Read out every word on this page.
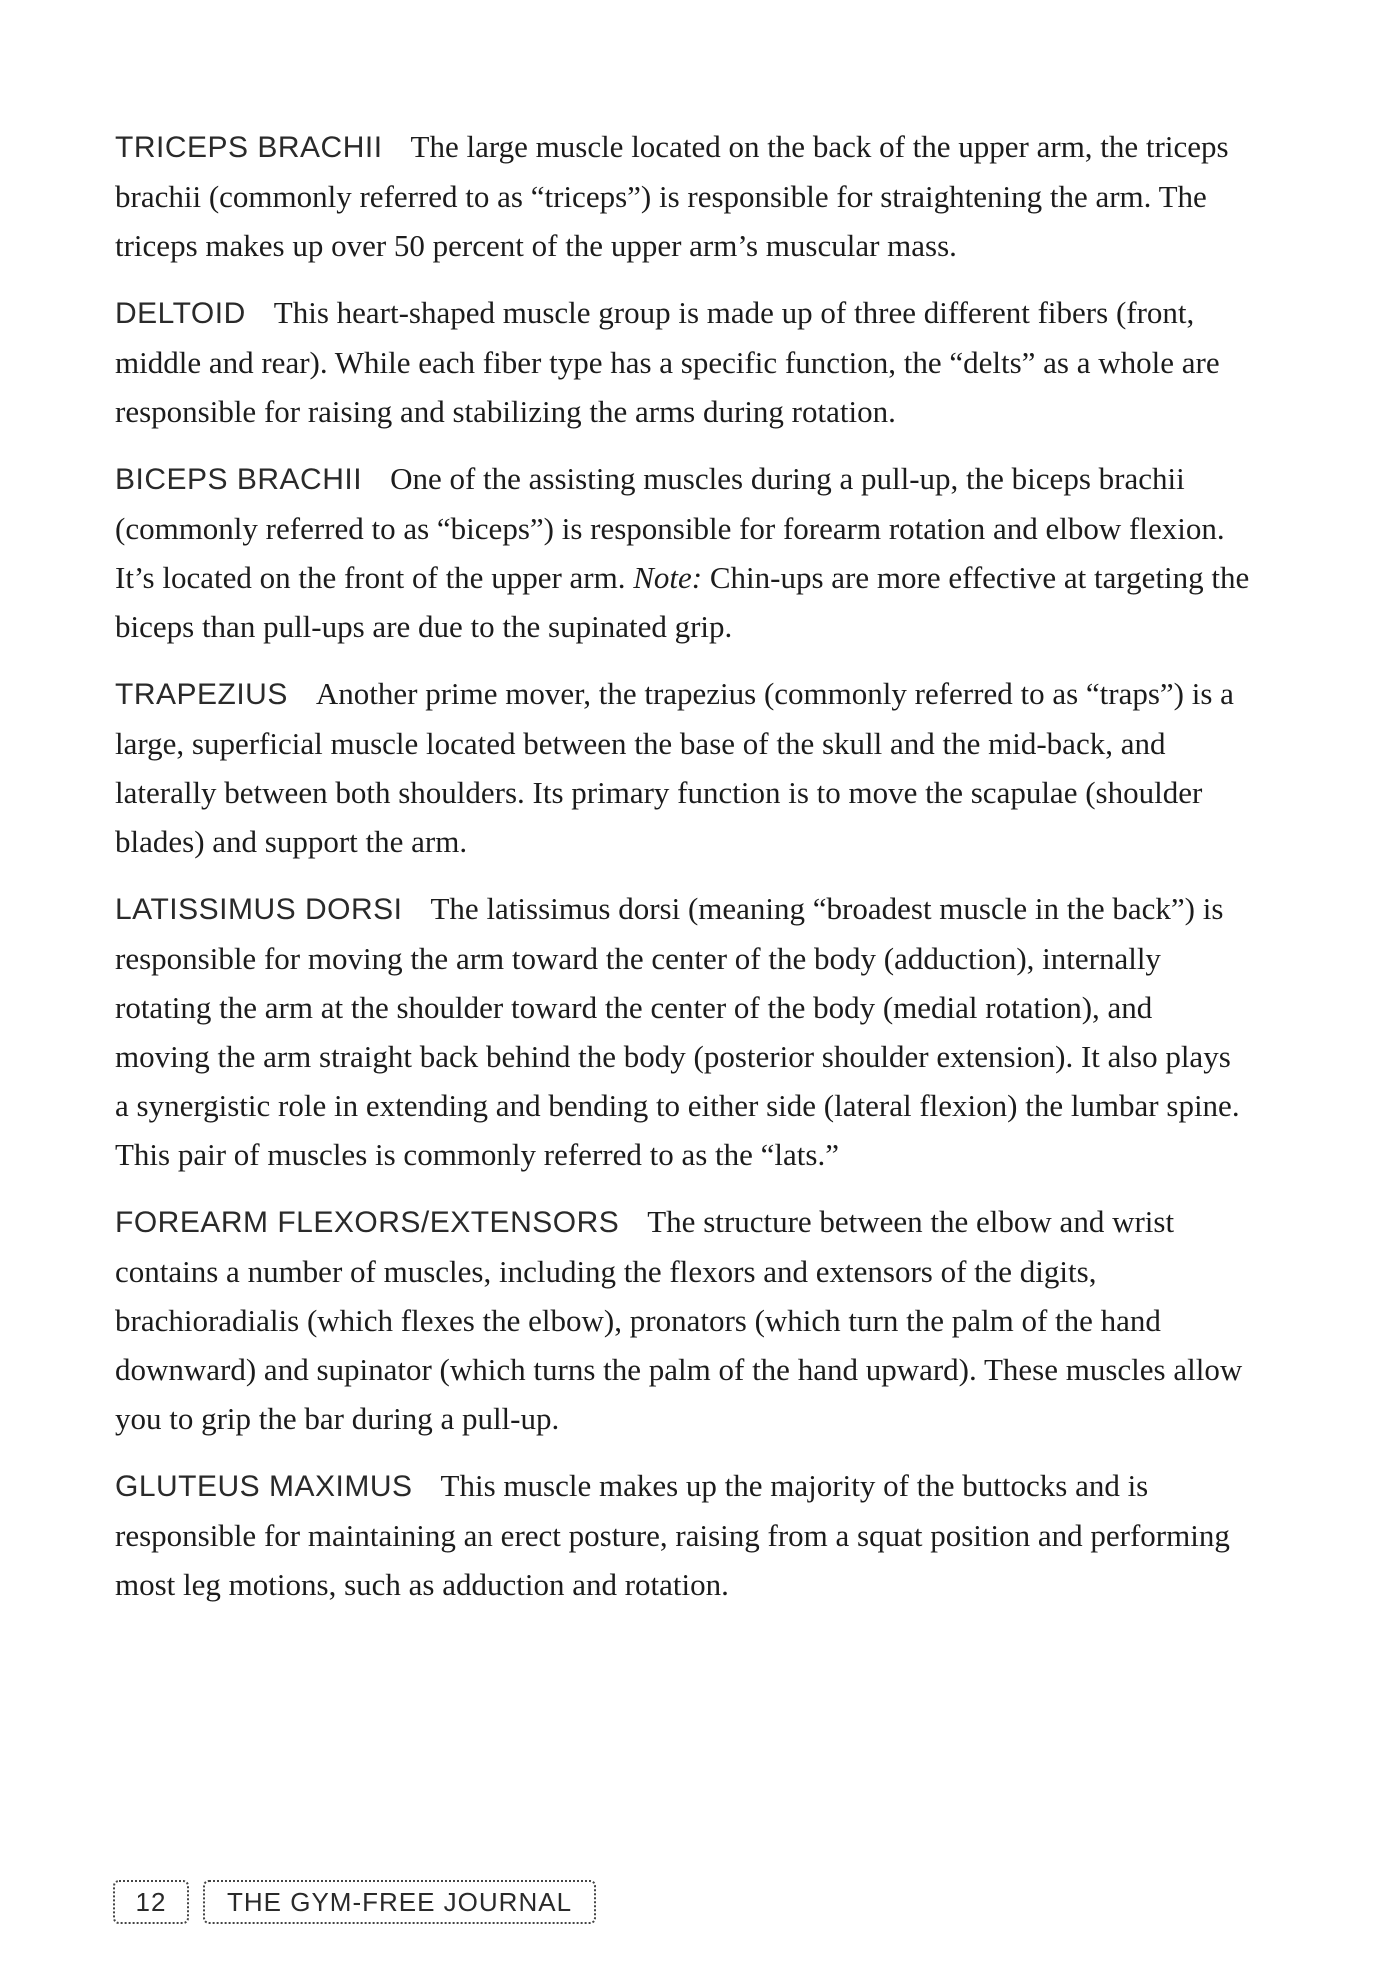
TRICEPS BRACHII The large muscle located on the back of the upper arm, the triceps brachii (commonly referred to as “triceps”) is responsible for straightening the arm. The triceps makes up over 50 percent of the upper arm’s muscular mass.

DELTOID This heart-shaped muscle group is made up of three different fibers (front, middle and rear). While each fiber type has a specific function, the “delts” as a whole are responsible for raising and stabilizing the arms during rotation.

BICEPS BRACHII One of the assisting muscles during a pull-up, the biceps brachii (commonly referred to as “biceps”) is responsible for forearm rotation and elbow flexion. It’s located on the front of the upper arm. Note: Chin-ups are more effective at targeting the biceps than pull-ups are due to the supinated grip.

TRAPEZIUS Another prime mover, the trapezius (commonly referred to as “traps”) is a large, superficial muscle located between the base of the skull and the mid-back, and laterally between both shoulders. Its primary function is to move the scapulae (shoulder blades) and support the arm.

LATISSIMUS DORSI The latissimus dorsi (meaning “broadest muscle in the back”) is responsible for moving the arm toward the center of the body (adduction), internally rotating the arm at the shoulder toward the center of the body (medial rotation), and moving the arm straight back behind the body (posterior shoulder extension). It also plays a synergistic role in extending and bending to either side (lateral flexion) the lumbar spine. This pair of muscles is commonly referred to as the “lats.”

FOREARM FLEXORS/EXTENSORS The structure between the elbow and wrist contains a number of muscles, including the flexors and extensors of the digits, brachioradialis (which flexes the elbow), pronators (which turn the palm of the hand downward) and supinator (which turns the palm of the hand upward). These muscles allow you to grip the bar during a pull-up.

GLUTEUS MAXIMUS This muscle makes up the majority of the buttocks and is responsible for maintaining an erect posture, raising from a squat position and performing most leg motions, such as adduction and rotation.

12	THE GYM-FREE JOURNAL
